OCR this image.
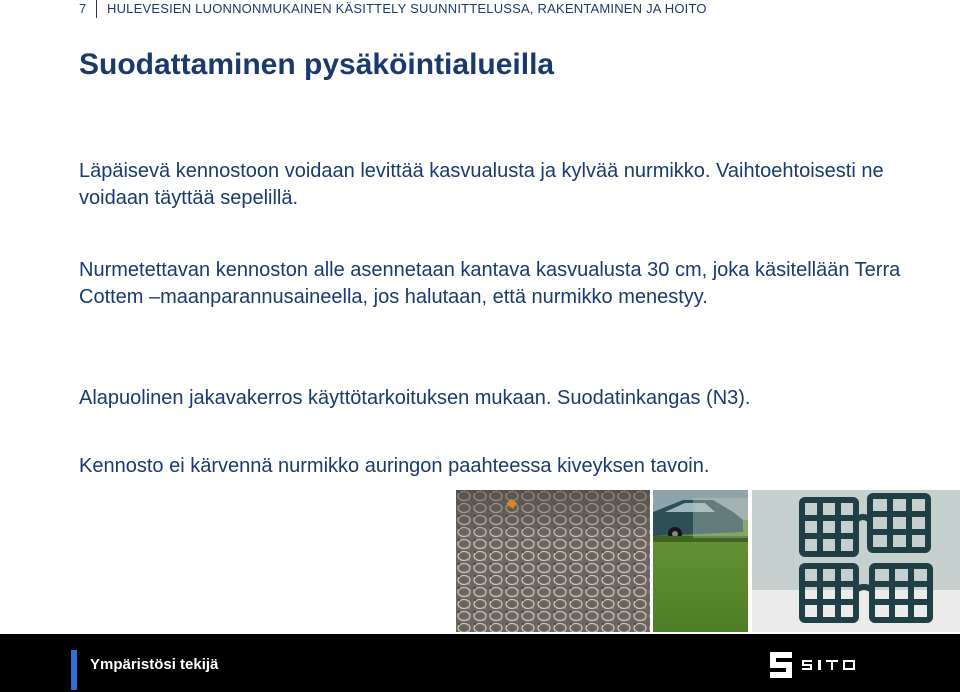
7 HULEVESIEN LUONNONMUKAINEN KÄSITTELY SUUNNITTELUSSA, RAKENTAMINEN JA HOITO
Suodattaminen pysäköintialueilla
Läpäisevä kennostoon voidaan levittää kasvualusta ja kylvää nurmikko. Vaihtoehtoisesti ne voidaan täyttää sepelillä.
Nurmetettavan kennoston alle asennetaan kantava kasvualusta 30 cm, joka käsitellään Terra Cottem –maanparannusaineella, jos halutaan, että nurmikko menestyy.
Alapuolinen jakavakerros käyttötarkoituksen mukaan. Suodatinkangas (N3).
Kennosto ei kärvennä nurmikko auringon paahteessa kiveyksen tavoin.
Ympäristösi tekijä
